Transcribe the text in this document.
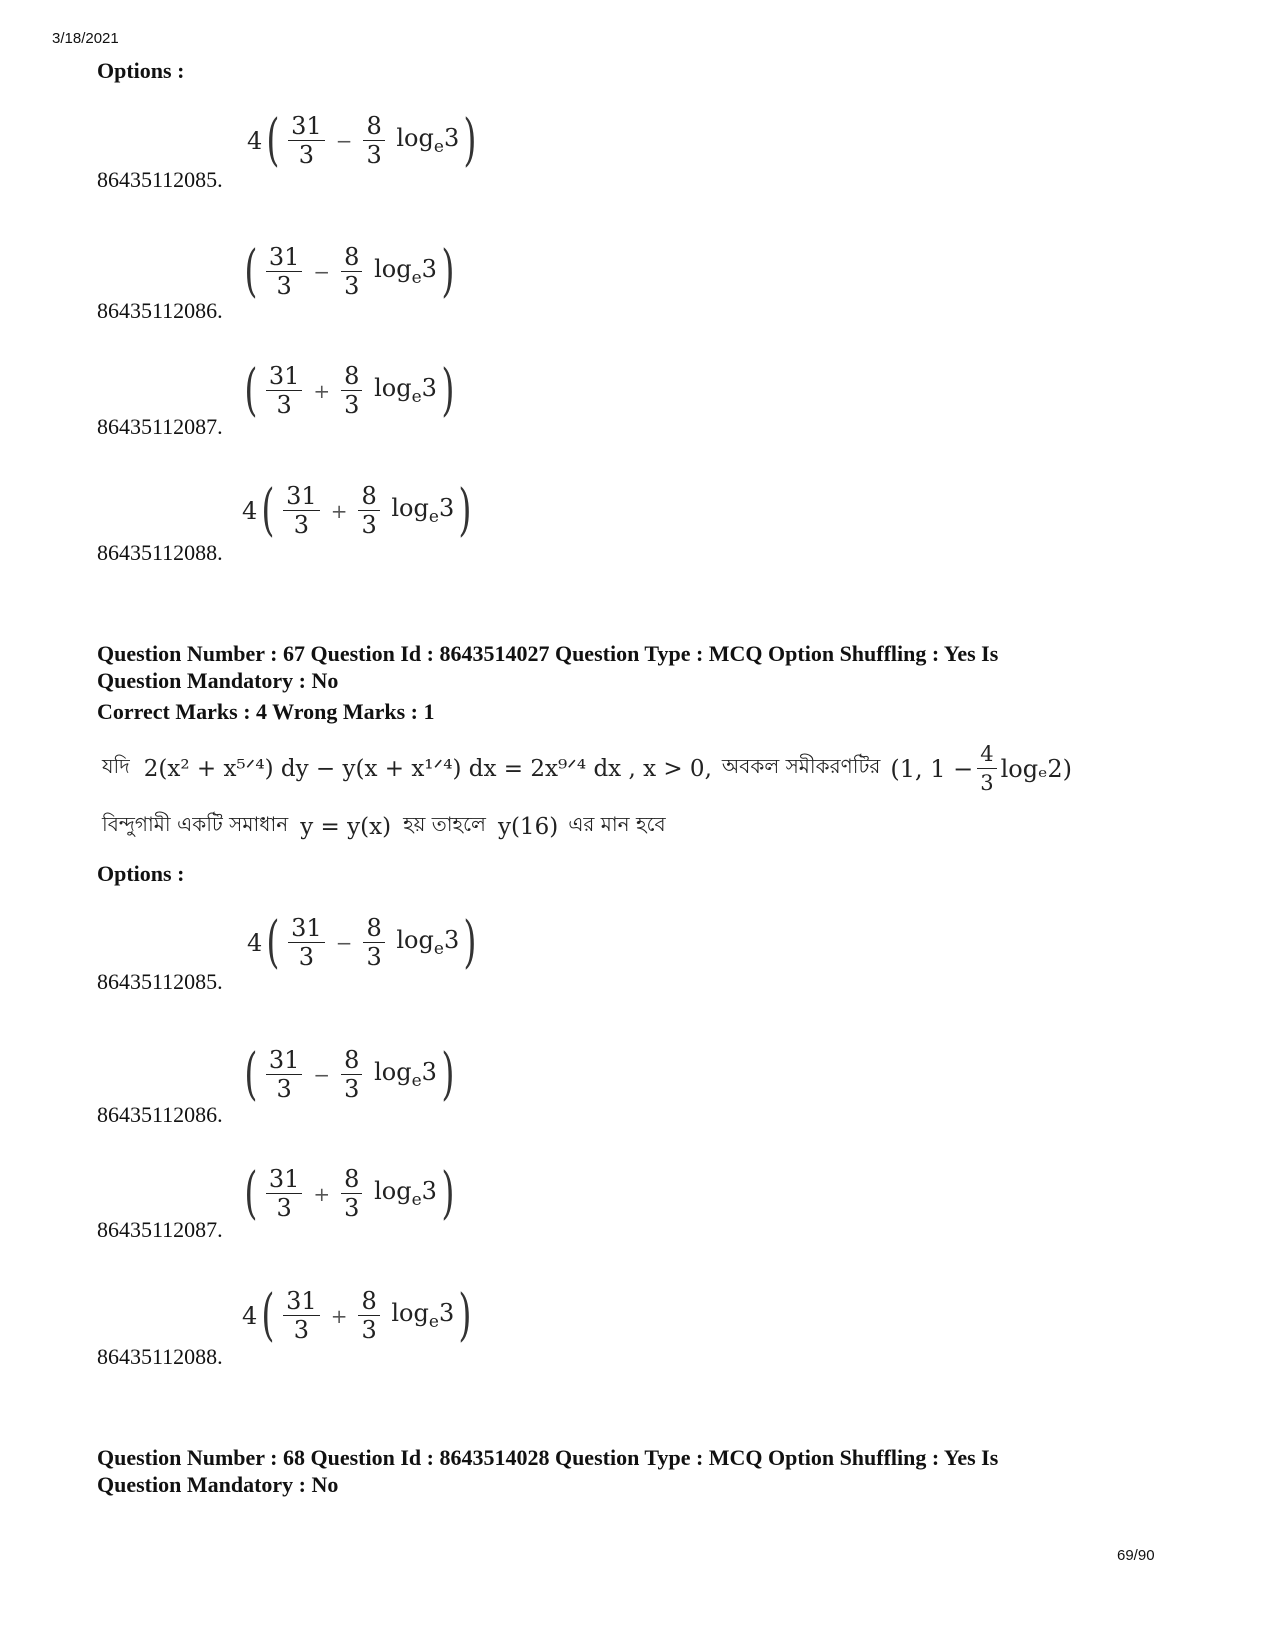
3/18/2021
Options :
86435112085.
4 ( $\frac{31}{3} - \frac{8}{3} \log_e3$ )
86435112086.
( $\frac{31}{3} - \frac{8}{3} \log_e3$ )
86435112087.
( $\frac{31}{3} + \frac{8}{3} \log_e3$ )
86435112088.
4 ( $\frac{31}{3} + \frac{8}{3} \log_e3$ )
Question Number : 67 Question Id : 8643514027 Question Type : MCQ Option Shuffling : Yes Is
Question Mandatory : No
Correct Marks : 4 Wrong Marks : 1
যদি 2(x² + x⁵ᐟ⁴) dy − y(x + x¹ᐟ⁴) dx = 2x⁹ᐟ⁴ dx , x > 0, অবকল সমীকরণটির (1, $1 - \frac{4}{3} \log_e2$)
বিন্দুগামী একটি সমাধান y = y(x) হয় তাহলে y(16) এর মান হবে
Options :
86435112085.
4 ( $\frac{31}{3} - \frac{8}{3} \log_e3$ )
86435112086.
( $\frac{31}{3} - \frac{8}{3} \log_e3$ )
86435112087.
( $\frac{31}{3} + \frac{8}{3} \log_e3$ )
86435112088.
4 ( $\frac{31}{3} + \frac{8}{3} \log_e3$ )
Question Number : 68 Question Id : 8643514028 Question Type : MCQ Option Shuffling : Yes Is
Question Mandatory : No
69/90
